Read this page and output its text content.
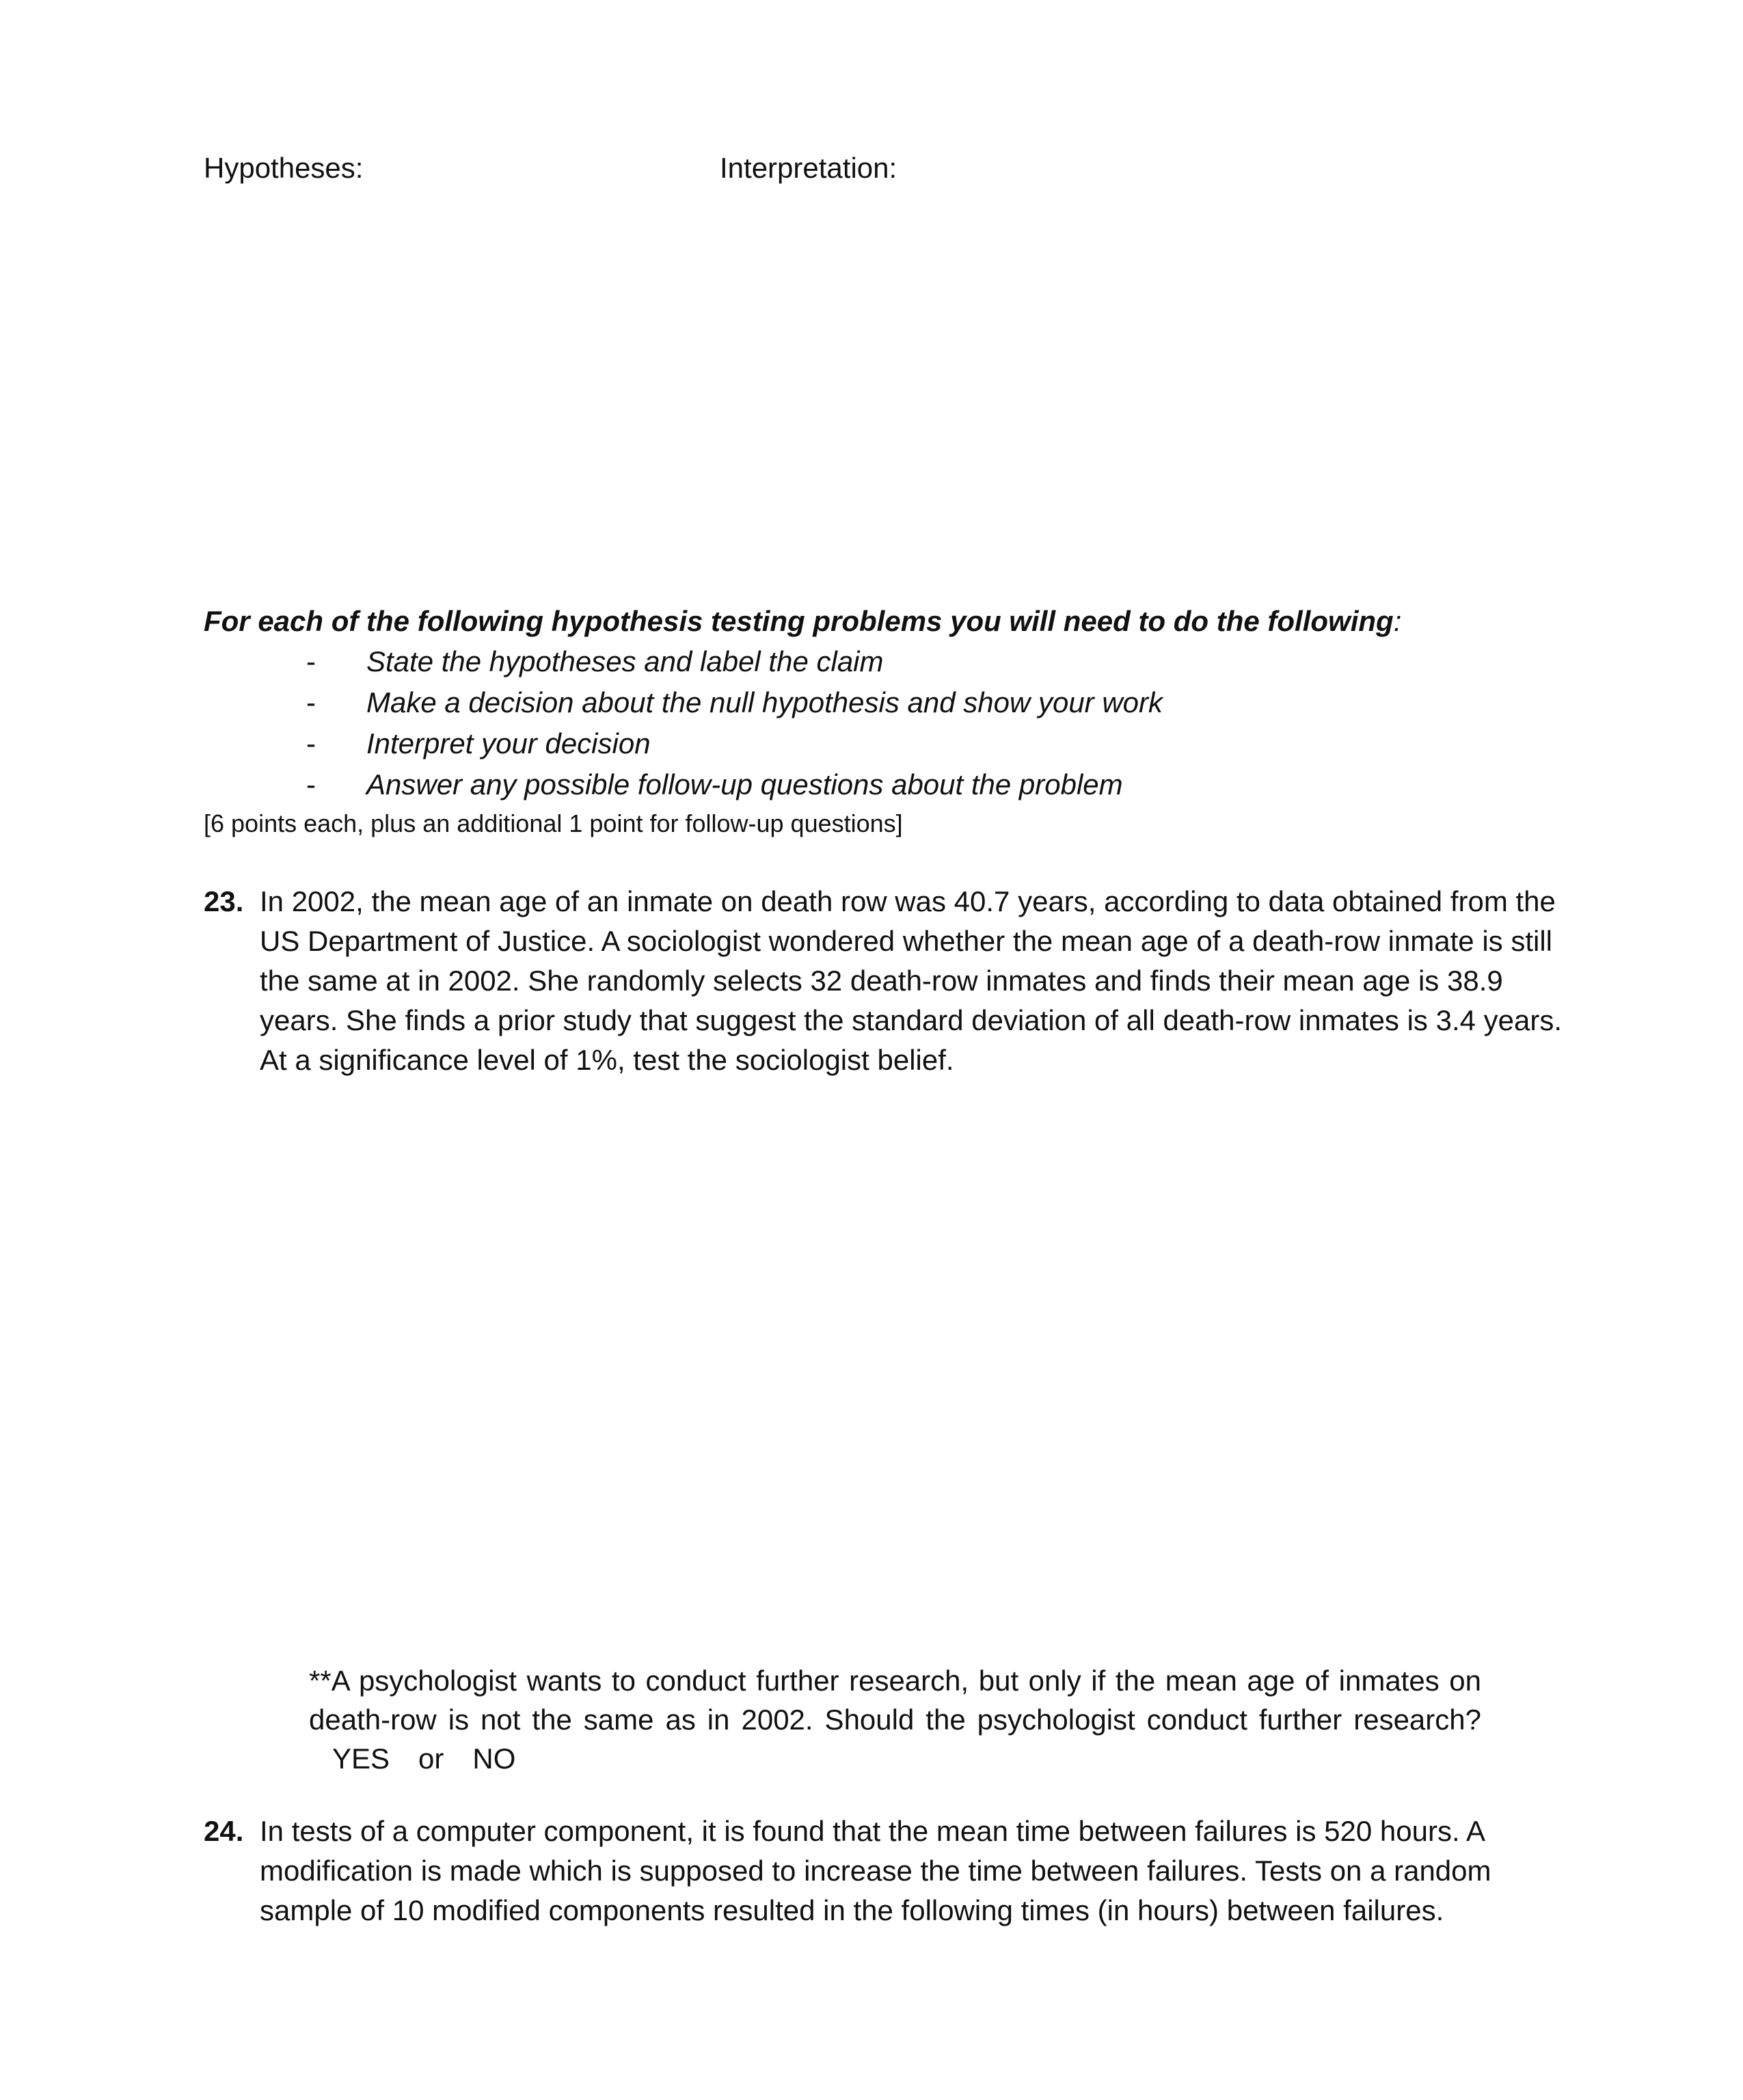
Hypotheses:	Interpretation:
For each of the following hypothesis testing problems you will need to do the following:
- State the hypotheses and label the claim
- Make a decision about the null hypothesis and show your work
- Interpret your decision
- Answer any possible follow-up questions about the problem
[6 points each, plus an additional 1 point for follow-up questions]
23. In 2002, the mean age of an inmate on death row was 40.7 years, according to data obtained from the US Department of Justice. A sociologist wondered whether the mean age of a death-row inmate is still the same at in 2002. She randomly selects 32 death-row inmates and finds their mean age is 38.9 years. She finds a prior study that suggest the standard deviation of all death-row inmates is 3.4 years. At a significance level of 1%, test the sociologist belief.
**A psychologist wants to conduct further research, but only if the mean age of inmates on death-row is not the same as in 2002. Should the psychologist conduct further research?YES or NO
24. In tests of a computer component, it is found that the mean time between failures is 520 hours. A modification is made which is supposed to increase the time between failures. Tests on a random sample of 10 modified components resulted in the following times (in hours) between failures.
